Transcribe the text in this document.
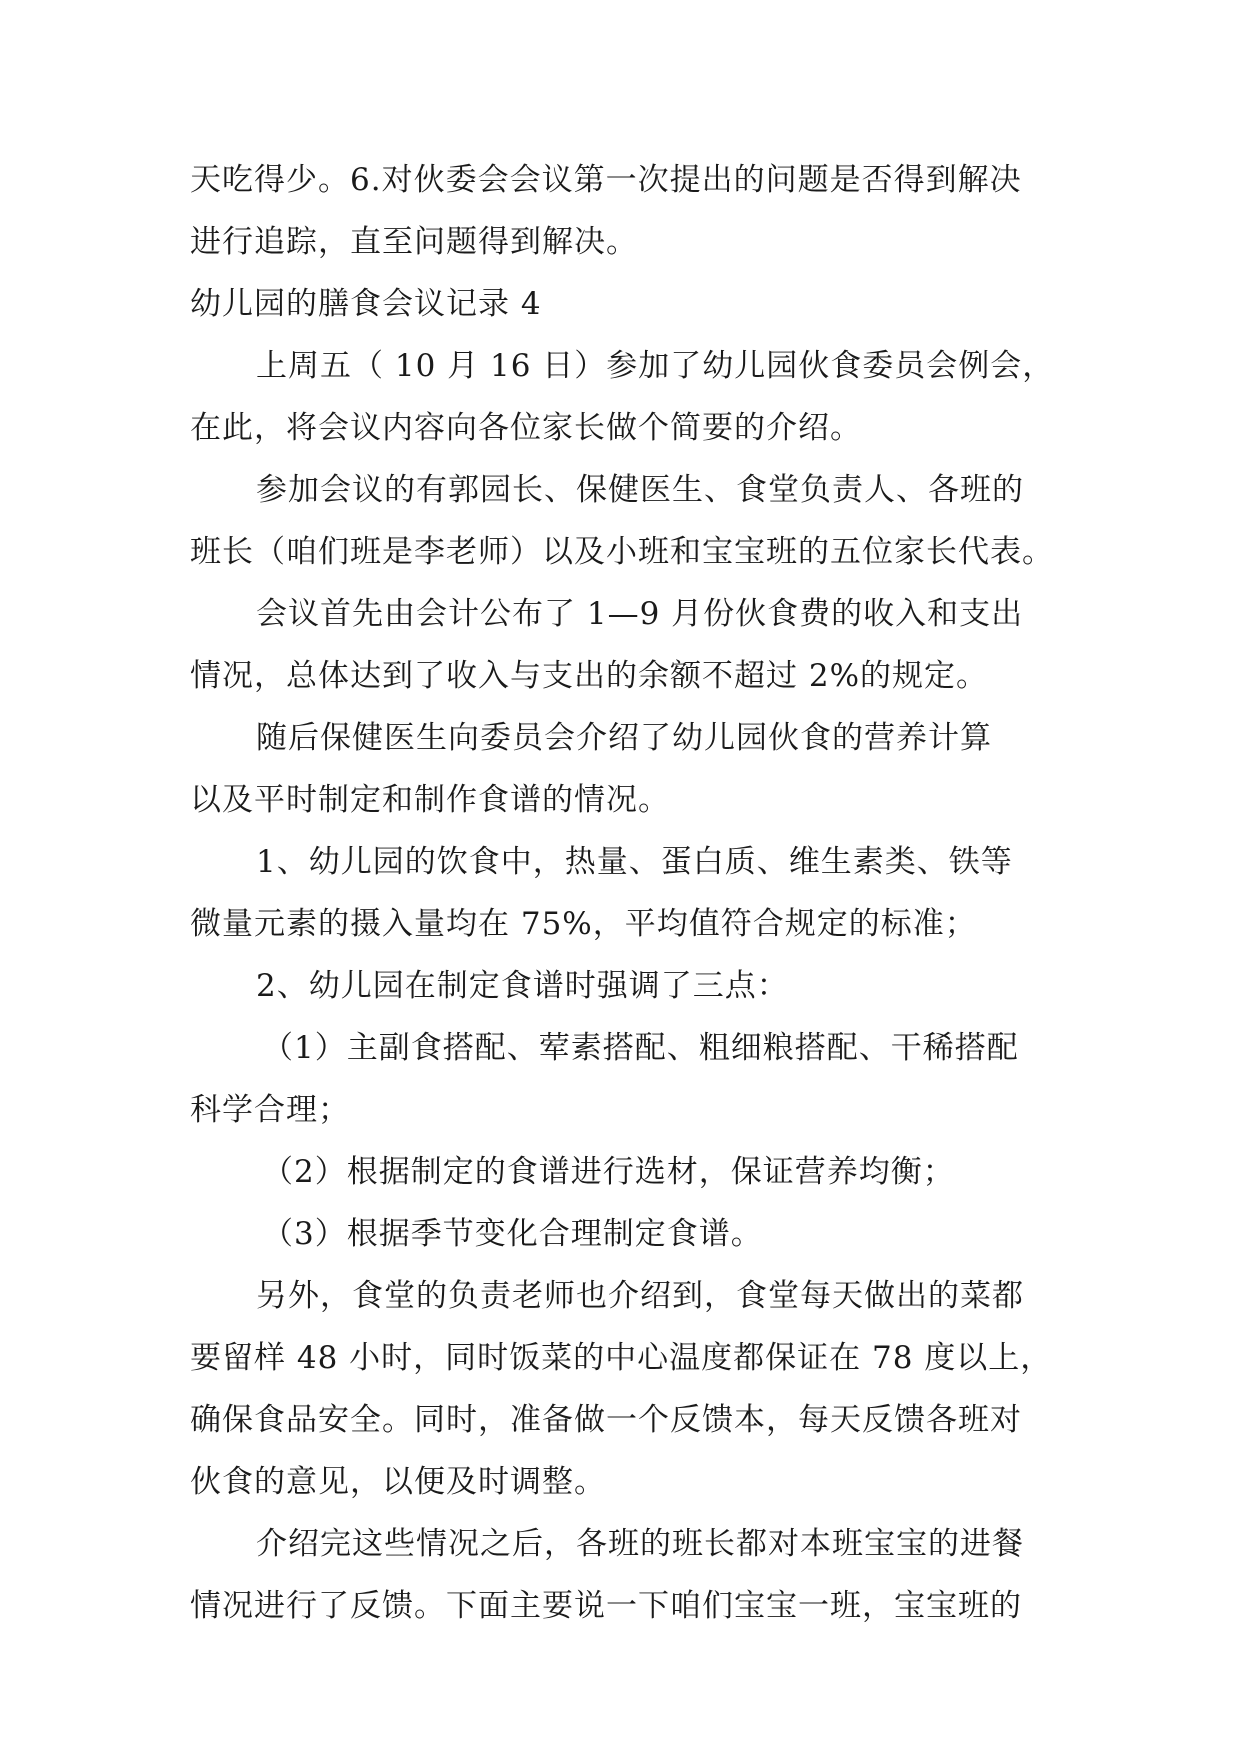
天吃得少。6.对伙委会会议第一次提出的问题是否得到解决
进行追踪，直至问题得到解决。
幼儿园的膳食会议记录 4
上周五（ 10 月 16 日）参加了幼儿园伙食委员会例会，
在此，将会议内容向各位家长做个简要的介绍。
参加会议的有郭园长、保健医生、食堂负责人、各班的
班长（咱们班是李老师）以及小班和宝宝班的五位家长代表。
会议首先由会计公布了 1—9 月份伙食费的收入和支出
情况，总体达到了收入与支出的余额不超过 2%的规定。
随后保健医生向委员会介绍了幼儿园伙食的营养计算
以及平时制定和制作食谱的情况。
1、幼儿园的饮食中，热量、蛋白质、维生素类、铁等
微量元素的摄入量均在 75%，平均值符合规定的标准；
2、幼儿园在制定食谱时强调了三点：
（1）主副食搭配、荤素搭配、粗细粮搭配、干稀搭配
科学合理；
（2）根据制定的食谱进行选材，保证营养均衡；
（3）根据季节变化合理制定食谱。
另外，食堂的负责老师也介绍到，食堂每天做出的菜都
要留样 48 小时，同时饭菜的中心温度都保证在 78 度以上，
确保食品安全。同时，准备做一个反馈本，每天反馈各班对
伙食的意见，以便及时调整。
介绍完这些情况之后，各班的班长都对本班宝宝的进餐
情况进行了反馈。下面主要说一下咱们宝宝一班，宝宝班的
